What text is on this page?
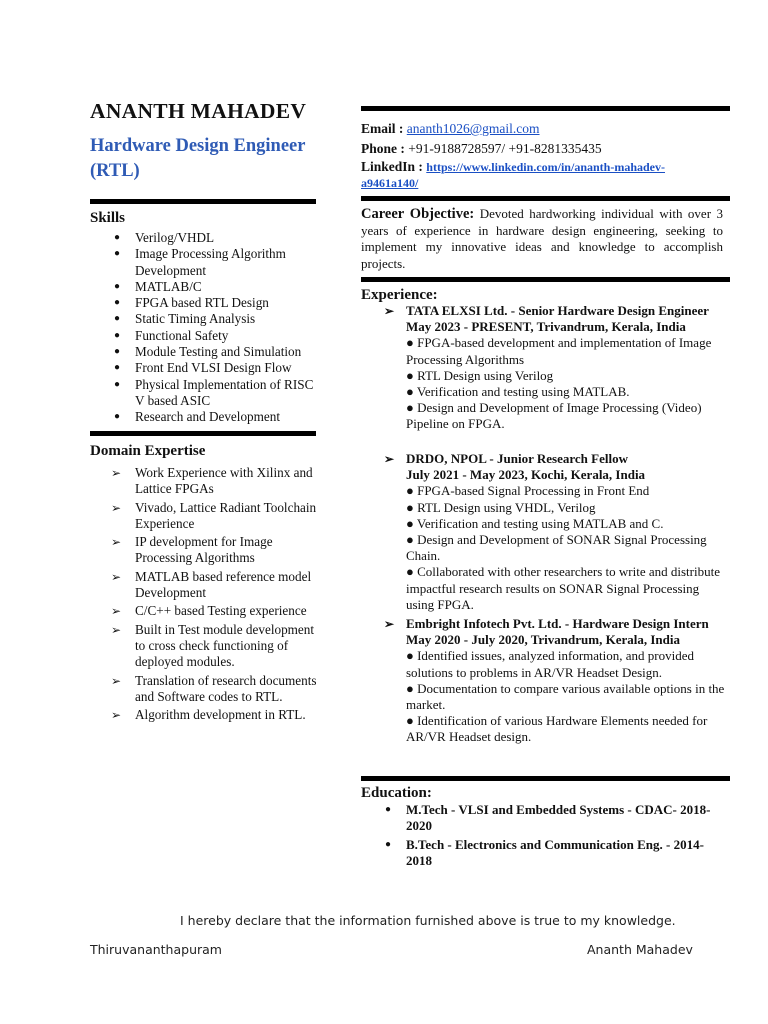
ANANTH MAHADEV
Hardware Design Engineer (RTL)
Skills
● Verilog/VHDL
● Image Processing Algorithm Development
● MATLAB/C
● FPGA based RTL Design
● Static Timing Analysis
● Functional Safety
● Module Testing and Simulation
● Front End VLSI Design Flow
● Physical Implementation of RISC V based ASIC
● Research and Development
Domain Expertise
➢ Work Experience with Xilinx and Lattice FPGAs
➢ Vivado, Lattice Radiant Toolchain Experience
➢ IP development for Image Processing Algorithms
➢ MATLAB based reference model Development
➢ C/C++ based Testing experience
➢ Built in Test module development to cross check functioning of deployed modules.
➢ Translation of research documents and Software codes to RTL.
➢ Algorithm development in RTL.
Email : ananth1026@gmail.com
Phone : +91-9188728597/ +91-8281335435
LinkedIn : https://www.linkedin.com/in/ananth-mahadev-a9461a140/
Career Objective: Devoted hardworking individual with over 3 years of experience in hardware design engineering, seeking to implement my innovative ideas and knowledge to accomplish projects.
Experience:
➢ TATA ELXSI Ltd. - Senior Hardware Design Engineer
May 2023 - PRESENT, Trivandrum, Kerala, India
● FPGA-based development and implementation of Image Processing Algorithms
● RTL Design using Verilog
● Verification and testing using MATLAB.
● Design and Development of Image Processing (Video) Pipeline on FPGA.
➢ DRDO, NPOL - Junior Research Fellow
July 2021 - May 2023, Kochi, Kerala, India
● FPGA-based Signal Processing in Front End
● RTL Design using VHDL, Verilog
● Verification and testing using MATLAB and C.
● Design and Development of SONAR Signal Processing Chain.
● Collaborated with other researchers to write and distribute impactful research results on SONAR Signal Processing using FPGA.
➢ Embright Infotech Pvt. Ltd. - Hardware Design Intern
May 2020 - July 2020, Trivandrum, Kerala, India
● Identified issues, analyzed information, and provided solutions to problems in AR/VR Headset Design.
● Documentation to compare various available options in the market.
● Identification of various Hardware Elements needed for AR/VR Headset design.
Education:
● M.Tech - VLSI and Embedded Systems - CDAC- 2018-2020
● B.Tech - Electronics and Communication Eng. - 2014- 2018
I hereby declare that the information furnished above is true to my knowledge.
Thiruvananthapuram	Ananth Mahadev
